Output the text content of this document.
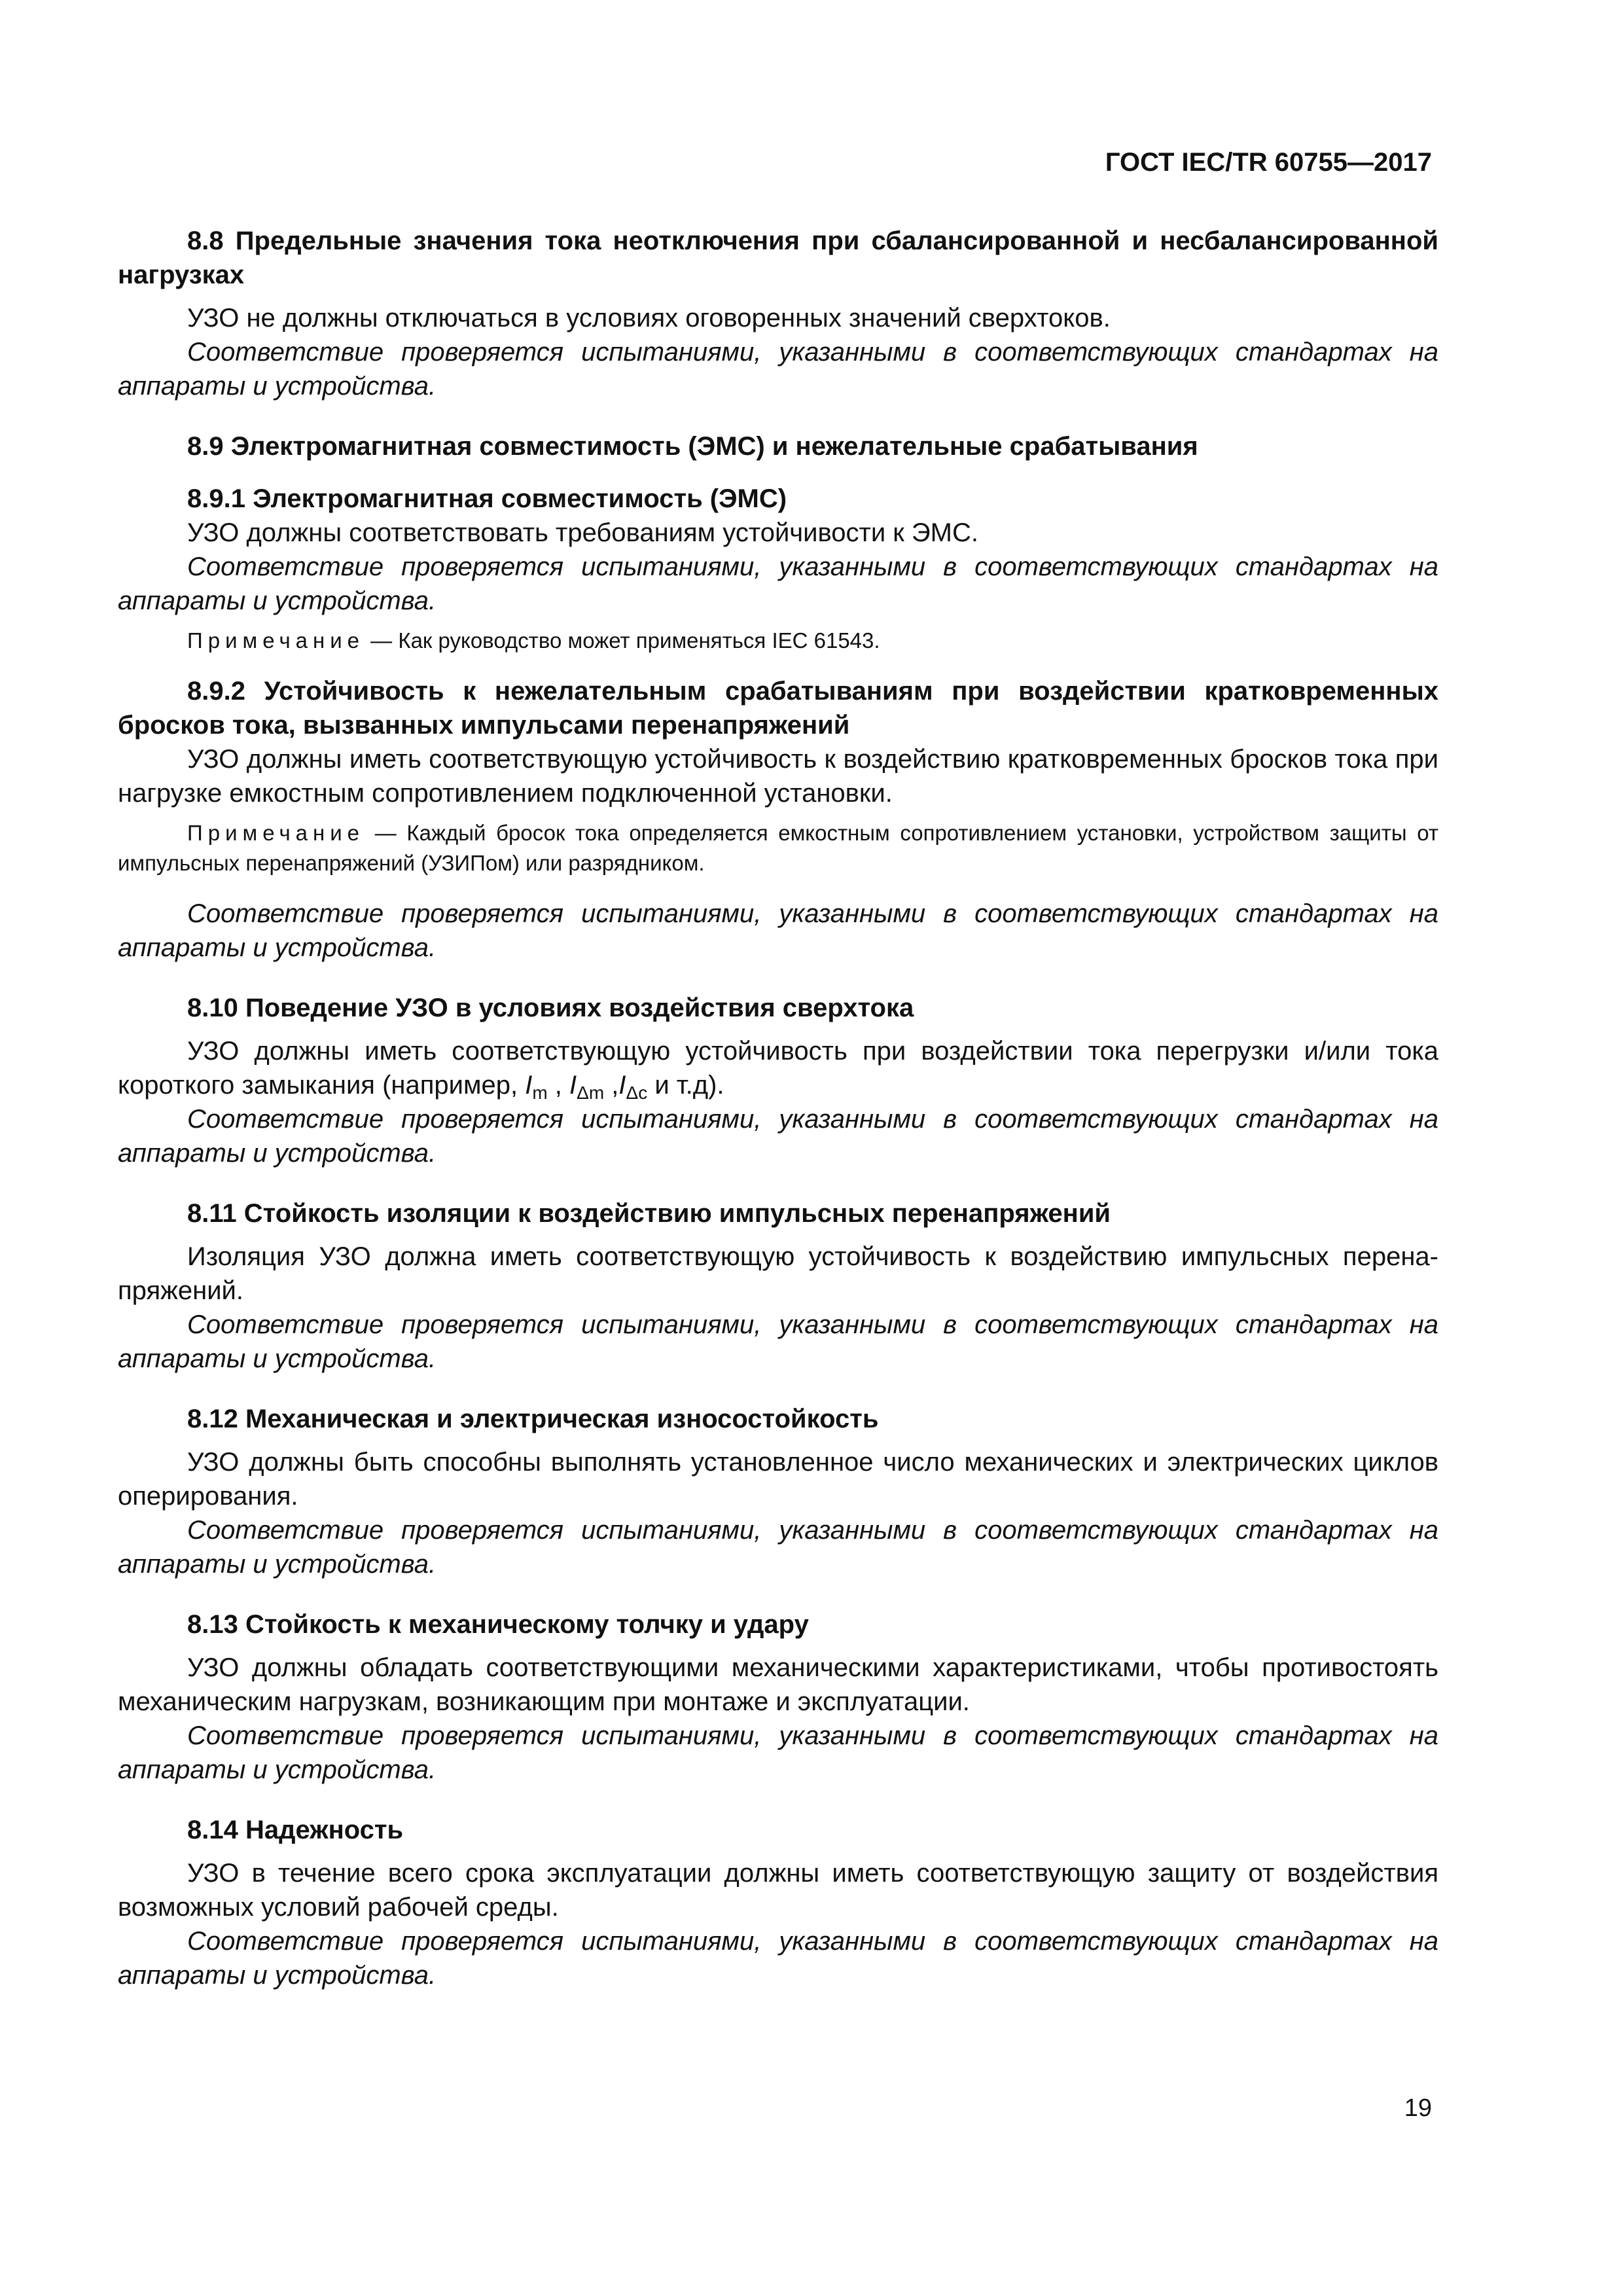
ГОСТ IEC/TR 60755—2017

8.8 Предельные значения тока неотключения при сбалансированной и несбалансированной нагрузках

УЗО не должны отключаться в условиях оговоренных значений сверхтоков.

Соответствие проверяется испытаниями, указанными в соответствующих стандартах на аппараты и устройства.

8.9 Электромагнитная совместимость (ЭМС) и нежелательные срабатывания

8.9.1 Электромагнитная совместимость (ЭМС)

УЗО должны соответствовать требованиям устойчивости к ЭМС.

Соответствие проверяется испытаниями, указанными в соответствующих стандартах на аппараты и устройства.

Примечание — Как руководство может применяться IEC 61543.

8.9.2 Устойчивость к нежелательным срабатываниям при воздействии кратковременных бросков тока, вызванных импульсами перенапряжений

УЗО должны иметь соответствующую устойчивость к воздействию кратковременных бросков тока при нагрузке емкостным сопротивлением подключенной установки.

Примечание — Каждый бросок тока определяется емкостным сопротивлением установки, устройством защиты от импульсных перенапряжений (УЗИПом) или разрядником.

Соответствие проверяется испытаниями, указанными в соответствующих стандартах на аппараты и устройства.

8.10 Поведение УЗО в условиях воздействия сверхтока

УЗО должны иметь соответствующую устойчивость при воздействии тока перегрузки и/или тока короткого замыкания (например, $I_m$ , $I_{\Delta m}$ $,I_{\Delta c}$ и т.д).

Соответствие проверяется испытаниями, указанными в соответствующих стандартах на аппараты и устройства.

8.11 Стойкость изоляции к воздействию импульсных перенапряжений

Изоляция УЗО должна иметь соответствующую устойчивость к воздействию импульсных перенапряжений.

Соответствие проверяется испытаниями, указанными в соответствующих стандартах на аппараты и устройства.

8.12 Механическая и электрическая износостойкость

УЗО должны быть способны выполнять установленное число механических и электрических циклов оперирования.

Соответствие проверяется испытаниями, указанными в соответствующих стандартах на аппараты и устройства.

8.13 Стойкость к механическому толчку и удару

УЗО должны обладать соответствующими механическими характеристиками, чтобы противостоять механическим нагрузкам, возникающим при монтаже и эксплуатации.

Соответствие проверяется испытаниями, указанными в соответствующих стандартах на аппараты и устройства.

8.14 Надежность

УЗО в течение всего срока эксплуатации должны иметь соответствующую защиту от воздействия возможных условий рабочей среды.

Соответствие проверяется испытаниями, указанными в соответствующих стандартах на аппараты и устройства.

19
